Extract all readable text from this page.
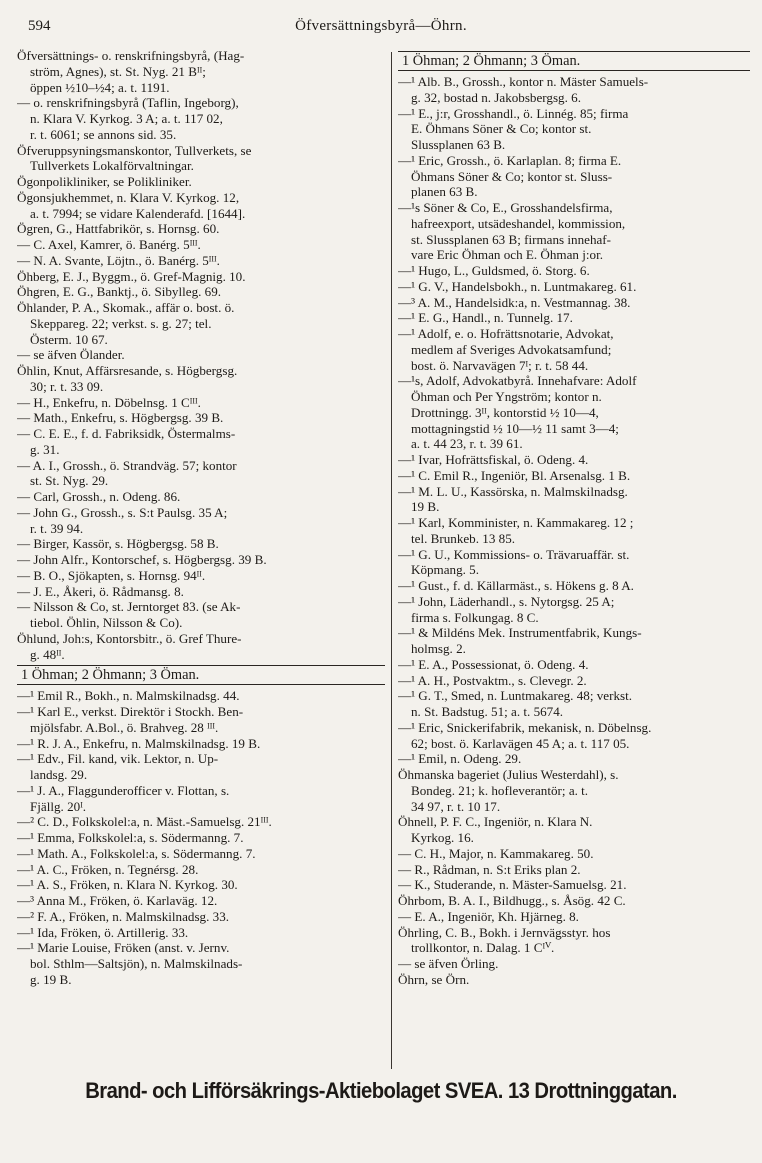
594	Öfversättningsbyrå—Öhrn.
Öfversättnings- o. renskrifningsbyrå, (Hag-
ström, Agnes), st. St. Nyg. 21 Bᴵᴵ;
öppen ½10–½4; a. t. 1191.
— o. renskrifningsbyrå (Taflin, Ingeborg),
n. Klara V. Kyrkog. 3 A; a. t. 117 02,
r. t. 6061; se annons sid. 35.
Öfveruppsyningsmanskontor, Tullverkets, se
Tullverkets Lokalförvaltningar.
Ögonpolikliniker, se Polikliniker.
Ögonsjukhemmet, n. Klara V. Kyrkog. 12,
a. t. 7994; se vidare Kalenderafd. [1644].
Ögren, G., Hattfabrikör, s. Hornsg. 60.
— C. Axel, Kamrer, ö. Banérg. 5ᴵᴵᴵ.
— N. A. Svante, Löjtn., ö. Banérg. 5ᴵᴵᴵ.
Öhberg, E. J., Byggm., ö. Gref-Magnig. 10.
Öhgren, E. G., Banktj., ö. Sibylleg. 69.
Öhlander, P. A., Skomak., affär o. bost. ö.
Skeppareg. 22; verkst. s. g. 27; tel.
Österm. 10 67.
— se äfven Ölander.
Öhlin, Knut, Affärsresande, s. Högbergsg.
30; r. t. 33 09.
— H., Enkefru, n. Döbelnsg. 1 Cᴵᴵᴵ.
— Math., Enkefru, s. Högbergsg. 39 B.
— C. E. E., f. d. Fabriksidk, Östermalms-
g. 31.
— A. I., Grossh., ö. Strandväg. 57; kontor
st. St. Nyg. 29.
— Carl, Grossh., n. Odeng. 86.
— John G., Grossh., s. S:t Paulsg. 35 A;
r. t. 39 94.
— Birger, Kassör, s. Högbergsg. 58 B.
— John Alfr., Kontorschef, s. Högbergsg. 39 B.
— B. O., Sjökapten, s. Hornsg. 94ᴵᴵ.
— J. E., Åkeri, ö. Rådmansg. 8.
— Nilsson & Co, st. Jerntorget 83. (se Ak-
tiebol. Öhlin, Nilsson & Co).
Öhlund, Joh:s, Kontorsbitr., ö. Gref Thure-
g. 48ᴵᴵ.
1 Öhman; 2 Öhmann; 3 Öman.
—¹ Emil R., Bokh., n. Malmskilnadsg. 44.
—¹ Karl E., verkst. Direktör i Stockh. Ben-
mjölsfabr. A.Bol., ö. Brahveg. 28 ᴵᴵᴵ.
—¹ R. J. A., Enkefru, n. Malmskilnadsg. 19 B.
—¹ Edv., Fil. kand, vik. Lektor, n. Up-
landsg. 29.
—¹ J. A., Flaggunderofficer v. Flottan, s.
Fjällg. 20ᴵ.
—² C. D., Folkskolel:a, n. Mäst.-Samuelsg. 21ᴵᴵᴵ.
—¹ Emma, Folkskolel:a, s. Södermanng. 7.
—¹ Math. A., Folkskolel:a, s. Södermanng. 7.
—¹ A. C., Fröken, n. Tegnérsg. 28.
—¹ A. S., Fröken, n. Klara N. Kyrkog. 30.
—³ Anna M., Fröken, ö. Karlaväg. 12.
—² F. A., Fröken, n. Malmskilnadsg. 33.
—¹ Ida, Fröken, ö. Artillerig. 33.
—¹ Marie Louise, Fröken (anst. v. Jernv.
bol. Sthlm—Saltsjön), n. Malmskilnads-
g. 19 B.
1 Öhman; 2 Öhmann; 3 Öman.
—¹ Alb. B., Grossh., kontor n. Mäster Samuels-
g. 32, bostad n. Jakobsbergsg. 6.
—¹ E., j:r, Grosshandl., ö. Linnég. 85; firma
E. Öhmans Söner & Co; kontor st.
Slussplanen 63 B.
—¹ Eric, Grossh., ö. Karlaplan. 8; firma E.
Öhmans Söner & Co; kontor st. Sluss-
planen 63 B.
—¹s Söner & Co, E., Grosshandelsfirma,
hafreexport, utsädeshandel, kommission,
st. Slussplanen 63 B; firmans innehaf-
vare Eric Öhman och E. Öhman j:or.
—¹ Hugo, L., Guldsmed, ö. Storg. 6.
—¹ G. V., Handelsbokh., n. Luntmakareg. 61.
—³ A. M., Handelsidk:a, n. Vestmannag. 38.
—¹ E. G., Handl., n. Tunnelg. 17.
—¹ Adolf, e. o. Hofrättsnotarie, Advokat,
medlem af Sveriges Advokatsamfund;
bost. ö. Narvavägen 7ᴵ; r. t. 58 44.
—¹s, Adolf, Advokatbyrå. Innehafvare: Adolf
Öhman och Per Yngström; kontor n.
Drottningg. 3ᴵᴵ, kontorstid ½ 10—4,
mottagningstid ½ 10—½ 11 samt 3—4;
a. t. 44 23, r. t. 39 61.
—¹ Ivar, Hofrättsfiskal, ö. Odeng. 4.
—¹ C. Emil R., Ingeniör, Bl. Arsenalsg. 1 B.
—¹ M. L. U., Kassörska, n. Malmskilnadsg.
19 B.
—¹ Karl, Komminister, n. Kammakareg. 12 ;
tel. Brunkeb. 13 85.
—¹ G. U., Kommissions- o. Trävaruaffär. st.
Köpmang. 5.
—¹ Gust., f. d. Källarmäst., s. Hökens g. 8 A.
—¹ John, Läderhandl., s. Nytorgsg. 25 A;
firma s. Folkungag. 8 C.
—¹ & Mildéns Mek. Instrumentfabrik, Kungs-
holmsg. 2.
—¹ E. A., Possessionat, ö. Odeng. 4.
—¹ A. H., Postvaktm., s. Clevegr. 2.
—¹ G. T., Smed, n. Luntmakareg. 48; verkst.
n. St. Badstug. 51; a. t. 5674.
—¹ Eric, Snickerifabrik, mekanisk, n. Döbelnsg.
62; bost. ö. Karlavägen 45 A; a. t. 117 05.
—¹ Emil, n. Odeng. 29.
Öhmanska bageriet (Julius Westerdahl), s.
Bondeg. 21; k. hofleverantör; a. t.
34 97, r. t. 10 17.
Öhnell, P. F. C., Ingeniör, n. Klara N.
Kyrkog. 16.
— C. H., Major, n. Kammakareg. 50.
— R., Rådman, n. S:t Eriks plan 2.
— K., Studerande, n. Mäster-Samuelsg. 21.
Öhrbom, B. A. I., Bildhugg., s. Åsög. 42 C.
— E. A., Ingeniör, Kh. Hjärneg. 8.
Öhrling, C. B., Bokh. i Jernvägsstyr. hos
trollkontor, n. Dalag. 1 Cᴵⱽ.
— se äfven Örling.
Öhrn, se Örn.
Brand- och Lifförsäkrings-Aktiebolaget SVEA. 13 Drottninggatan.
